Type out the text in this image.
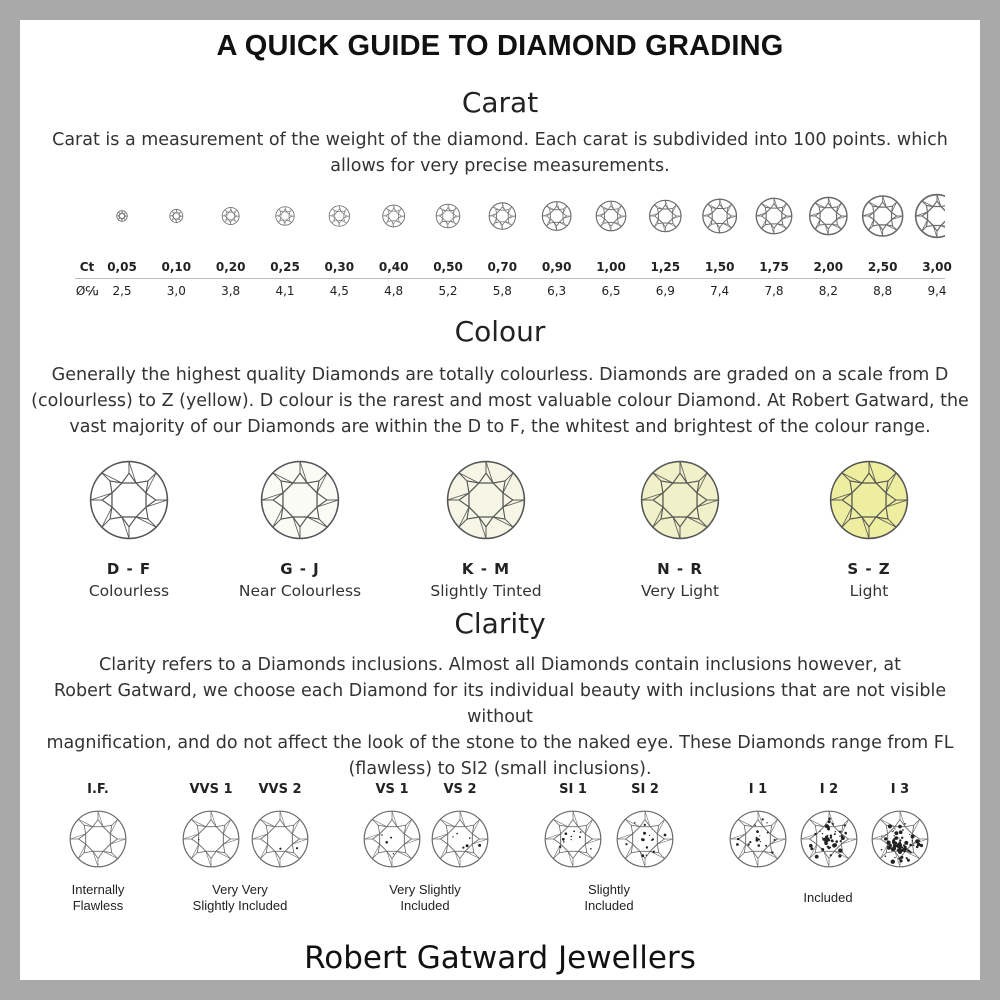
A QUICK GUIDE TO DIAMOND GRADING
Carat
Carat is a measurement of the weight of the diamond. Each carat is subdivided into 100 points. which
allows for very precise measurements.
Ct 0,05 0,10 0,20 0,25 0,30 0,40 0,50 0,70 0,90 1,00 1,25 1,50 1,75 2,00 2,50 3,00
Ø℆ 2,5	3,0	3,8	4,1	4,5	4,8	5,2	5,8	6,3	6,5	6,9	7,4	7,8	8,2	8,8	9,4
Colour
Generally the highest quality Diamonds are totally colourless. Diamonds are graded on a scale from D
(colourless) to Z (yellow). D colour is the rarest and most valuable colour Diamond. At Robert Gatward, the
vast majority of our Diamonds are within the D to F, the whitest and brightest of the colour range.
D - F
Colourless
G - J
Near Colourless
K - M
Slightly Tinted
N - R
Very Light
S - Z
Light
Clarity
Clarity refers to a Diamonds inclusions. Almost all Diamonds contain inclusions however, at
Robert Gatward, we choose each Diamond for its individual beauty with inclusions that are not visible without
magnification, and do not affect the look of the stone to the naked eye. These Diamonds range from FL
(flawless) to SI2 (small inclusions).
I.F.	VVS 1	VVS 2	VS 1	VS 2	SI 1	SI 2	I 1	I 2	I 3
Internally
Flawless
Very Very
Slightly Included
Very Slightly
Included
Slightly
Included
Included
Robert Gatward Jewellers
